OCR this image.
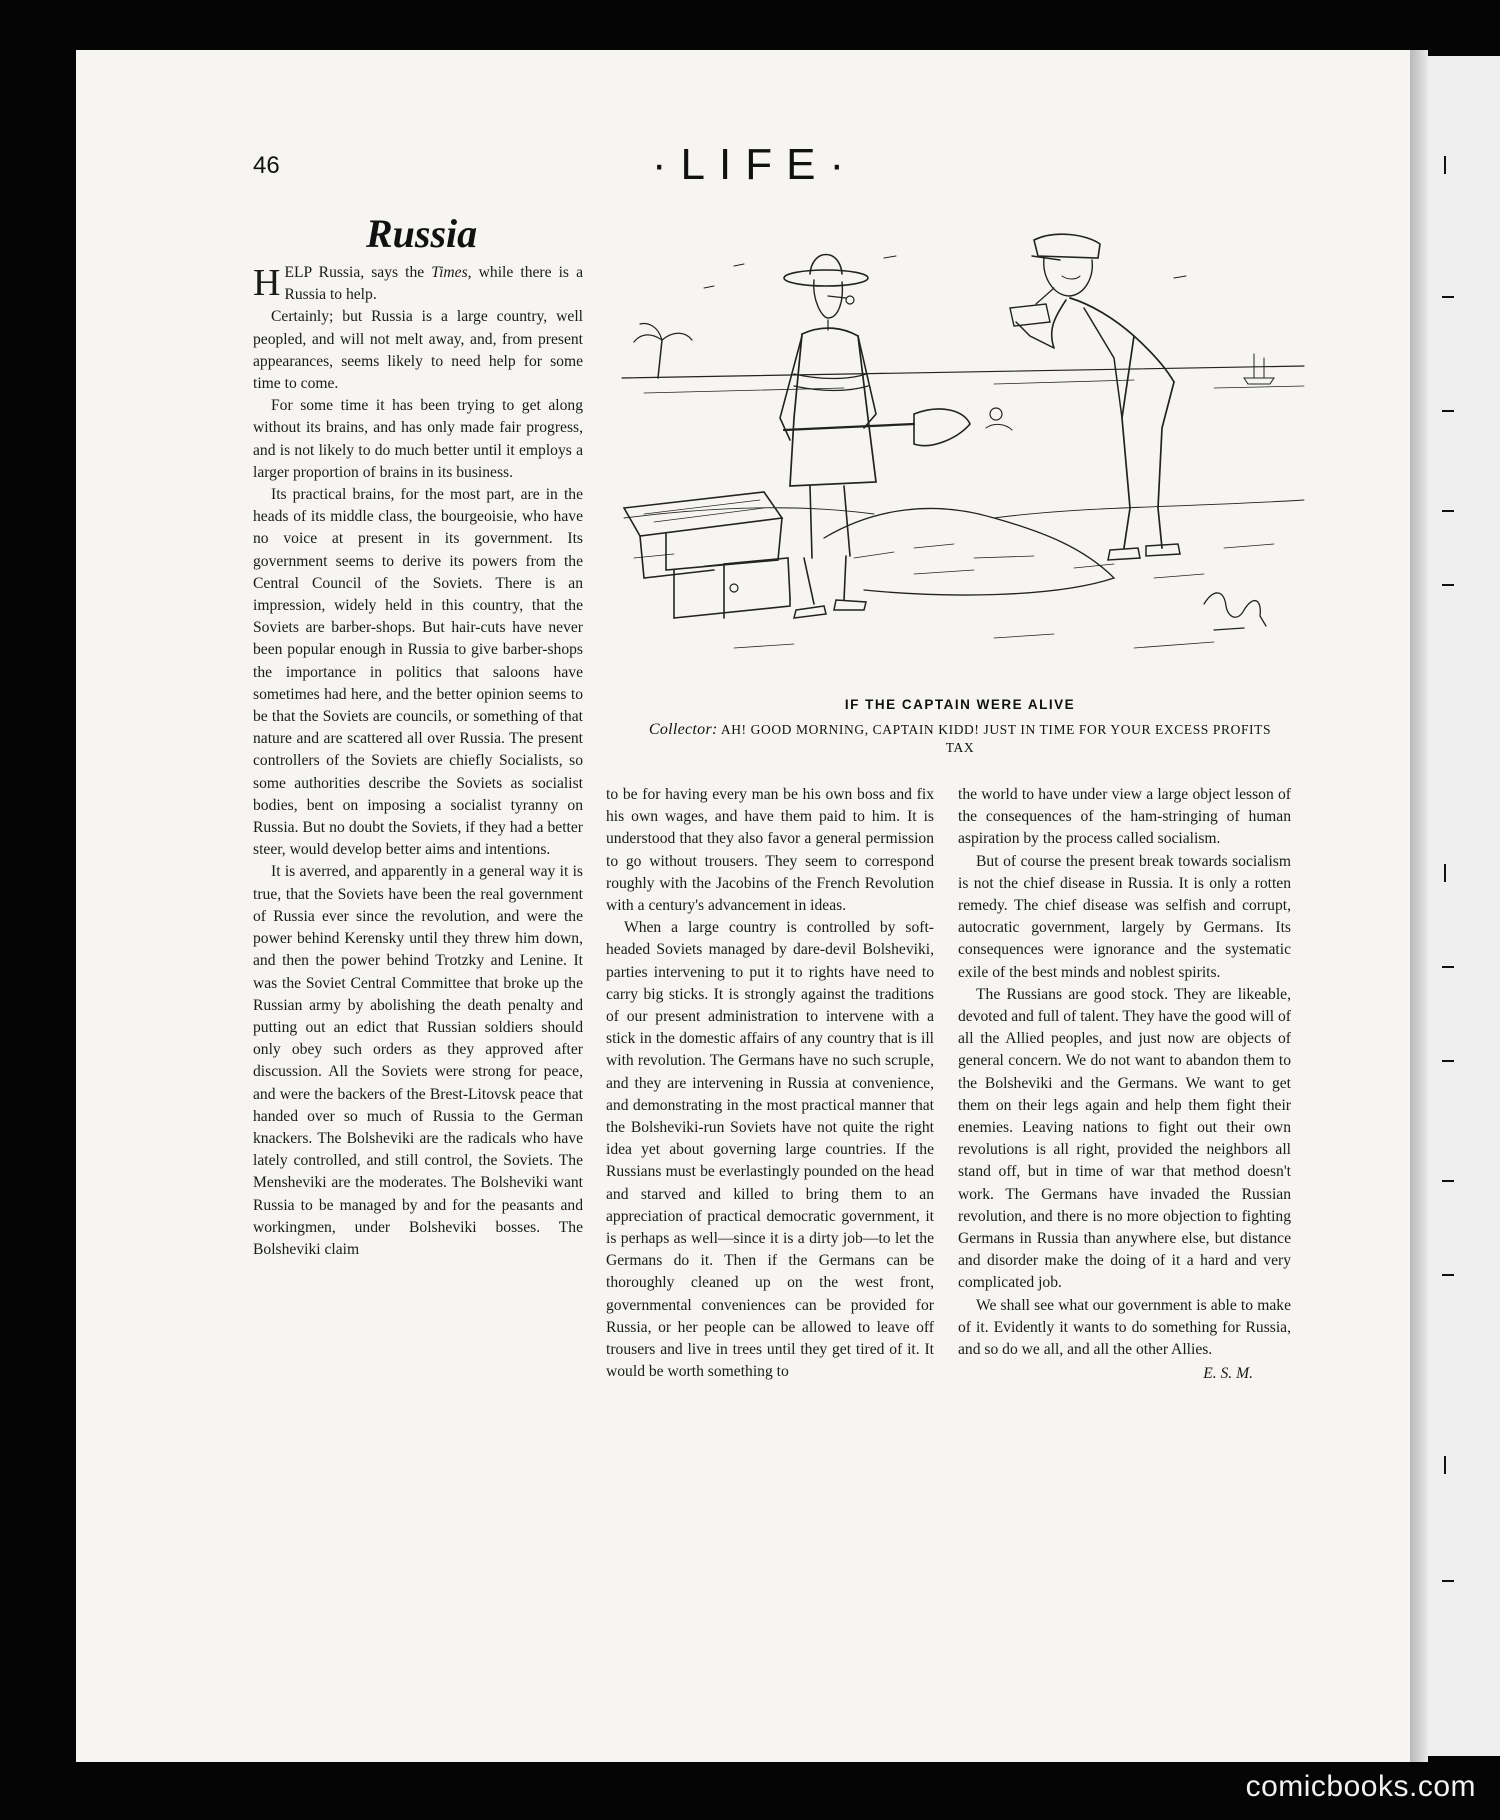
46	·LIFE·
Russia

HELP Russia, says the Times, while there is a Russia to help.

Certainly; but Russia is a large country, well peopled, and will not melt away, and, from present appearances, seems likely to need help for some time to come.

For some time it has been trying to get along without its brains, and has only made fair progress, and is not likely to do much better until it employs a larger proportion of brains in its business.

Its practical brains, for the most part, are in the heads of its middle class, the bourgeoisie, who have no voice at present in its government. Its government seems to derive its powers from the Central Council of the Soviets. There is an impression, widely held in this country, that the Soviets are barber-shops. But hair-cuts have never been popular enough in Russia to give barber-shops the importance in politics that saloons have sometimes had here, and the better opinion seems to be that the Soviets are councils, or something of that nature and are scattered all over Russia. The present controllers of the Soviets are chiefly Socialists, so some authorities describe the Soviets as socialist bodies, bent on imposing a socialist tyranny on Russia. But no doubt the Soviets, if they had a better steer, would develop better aims and intentions.

It is averred, and apparently in a general way it is true, that the Soviets have been the real government of Russia ever since the revolution, and were the power behind Kerensky until they threw him down, and then the power behind Trotzky and Lenine. It was the Soviet Central Committee that broke up the Russian army by abolishing the death penalty and putting out an edict that Russian soldiers should only obey such orders as they approved after discussion. All the Soviets were strong for peace, and were the backers of the Brest-Litovsk peace that handed over so much of Russia to the German knackers. The Bolsheviki are the radicals who have lately controlled, and still control, the Soviets. The Mensheviki are the moderates. The Bolsheviki want Russia to be managed by and for the peasants and workingmen, under Bolsheviki bosses. The Bolsheviki claim

IF THE CAPTAIN WERE ALIVE
Collector: AH! GOOD MORNING, CAPTAIN KIDD! JUST IN TIME FOR YOUR EXCESS PROFITS TAX

to be for having every man be his own boss and fix his own wages, and have them paid to him. It is understood that they also favor a general permission to go without trousers. They seem to correspond roughly with the Jacobins of the French Revolution with a century's advancement in ideas.

When a large country is controlled by soft-headed Soviets managed by dare-devil Bolsheviki, parties intervening to put it to rights have need to carry big sticks. It is strongly against the traditions of our present administration to intervene with a stick in the domestic affairs of any country that is ill with revolution. The Germans have no such scruple, and they are intervening in Russia at convenience, and demonstrating in the most practical manner that the Bolsheviki-run Soviets have not quite the right idea yet about governing large countries. If the Russians must be everlastingly pounded on the head and starved and killed to bring them to an appreciation of practical democratic government, it is perhaps as well—since it is a dirty job—to let the Germans do it. Then if the Germans can be thoroughly cleaned up on the west front, governmental conveniences can be provided for Russia, or her people can be allowed to leave off trousers and live in trees until they get tired of it. It would be worth something to

the world to have under view a large object lesson of the consequences of the ham-stringing of human aspiration by the process called socialism.

But of course the present break towards socialism is not the chief disease in Russia. It is only a rotten remedy. The chief disease was selfish and corrupt, autocratic government, largely by Germans. Its consequences were ignorance and the systematic exile of the best minds and noblest spirits.

The Russians are good stock. They are likeable, devoted and full of talent. They have the good will of all the Allied peoples, and just now are objects of general concern. We do not want to abandon them to the Bolsheviki and the Germans. We want to get them on their legs again and help them fight their enemies. Leaving nations to fight out their own revolutions is all right, provided the neighbors all stand off, but in time of war that method doesn't work. The Germans have invaded the Russian revolution, and there is no more objection to fighting Germans in Russia than anywhere else, but distance and disorder make the doing of it a hard and very complicated job.

We shall see what our government is able to make of it. Evidently it wants to do something for Russia, and so do we all, and all the other Allies.

E. S. M.
comicbooks.com
